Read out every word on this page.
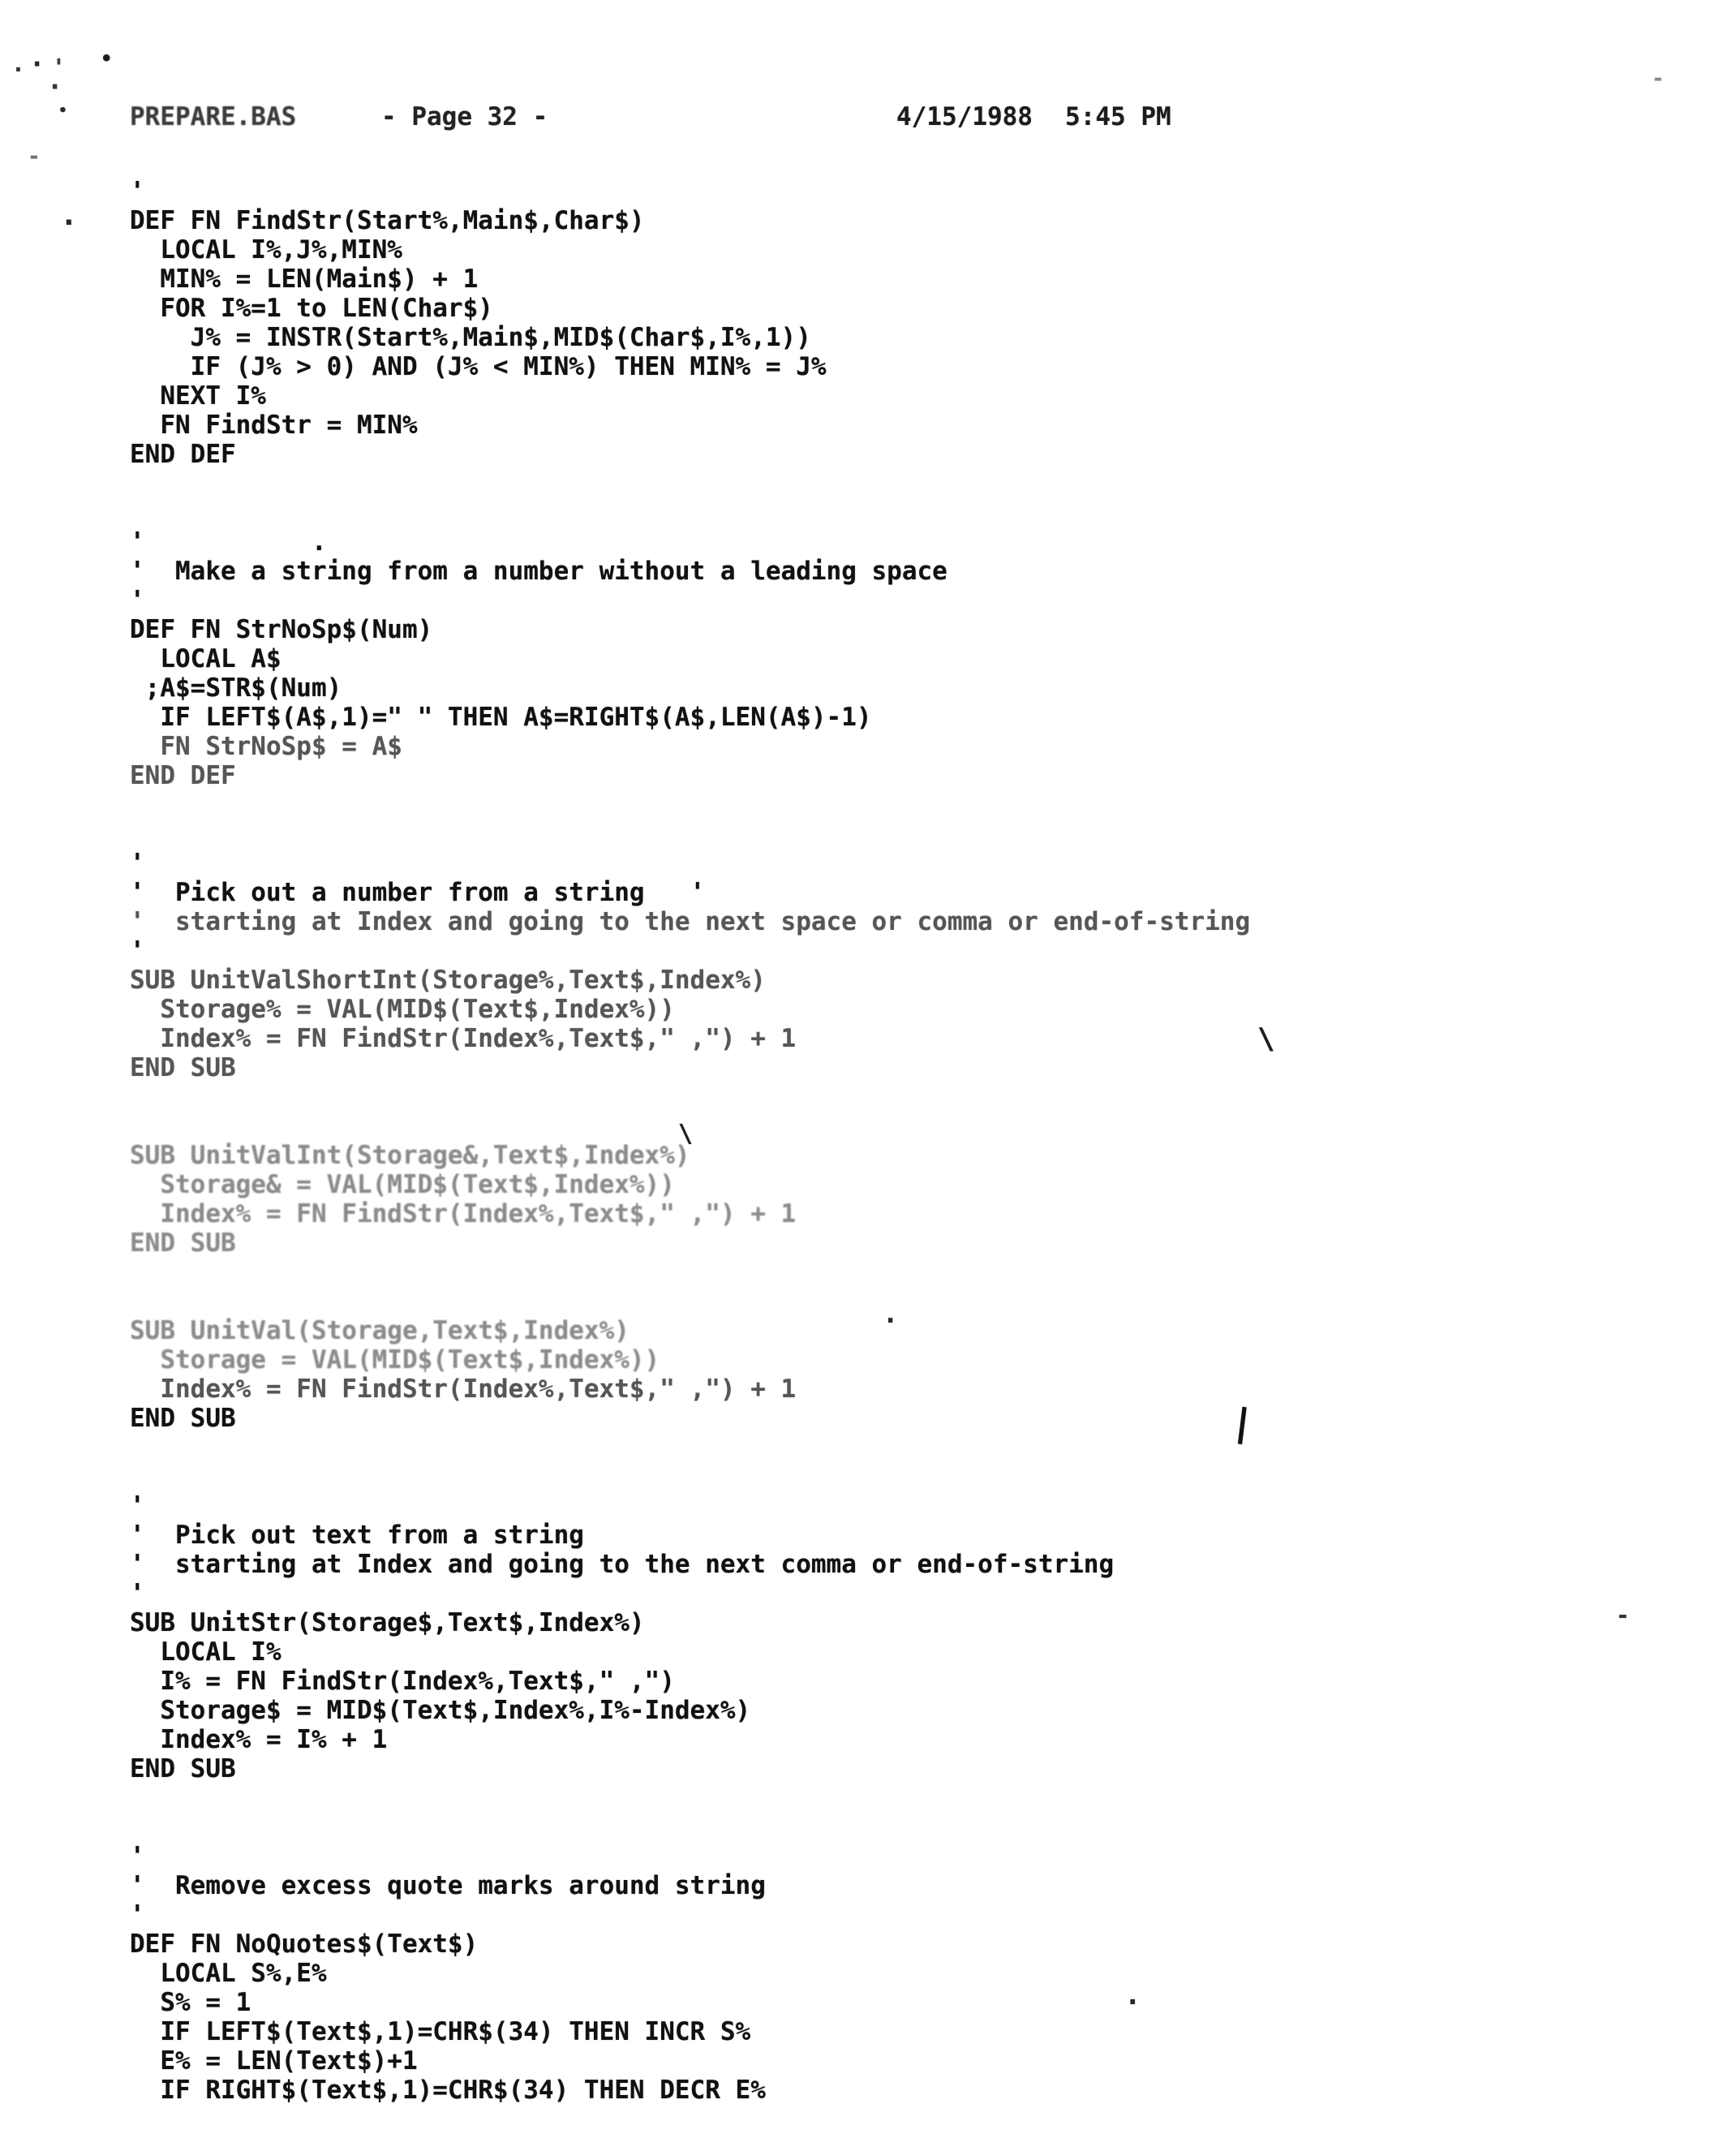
PREPARE.BAS

	- Page 32 -

	4/15/1988

5:45 PM

'
DEF FN FindStr(Start%,Main$,Char$)
LOCAL I%,J%,MIN%
MIN% = LEN(Main$) + 1
FOR I%=1 to LEN(Char$)
J% = INSTR(Start%,Main$,MID$(Char$,I%,1))
IF (J% > 0) AND (J% < MIN%) THEN MIN% = J%
NEXT I%
FN FindStr = MIN%
END DEF

'           .
'  Make a string from a number without a leading space
'
DEF FN StrNoSp$(Num)
LOCAL A$
;A$=STR$(Num)
IF LEFT$(A$,1)=" " THEN A$=RIGHT$(A$,LEN(A$)-1)
FN StrNoSp$ = A$
END DEF

'
'  Pick out a number from a string   '
'  starting at Index and going to the next space or comma or end-of-string
'
SUB UnitValShortInt(Storage%,Text$,Index%)
Storage% = VAL(MID$(Text$,Index%))
Index% = FN FindStr(Index%,Text$," ,") + 1
END SUB

SUB UnitValInt(Storage&,Text$,Index%)
Storage& = VAL(MID$(Text$,Index%))
Index% = FN FindStr(Index%,Text$," ,") + 1
END SUB

SUB UnitVal(Storage,Text$,Index%)
Storage = VAL(MID$(Text$,Index%))
Index% = FN FindStr(Index%,Text$," ,") + 1
END SUB

'
'  Pick out text from a string
'  starting at Index and going to the next comma or end-of-string
'
SUB UnitStr(Storage$,Text$,Index%)
LOCAL I%
I% = FN FindStr(Index%,Text$," ,")
Storage$ = MID$(Text$,Index%,I%-Index%)
Index% = I% + 1
END SUB

'
'  Remove excess quote marks around string
'
DEF FN NoQuotes$(Text$)
LOCAL S%,E%
S% = 1
IF LEFT$(Text$,1)=CHR$(34) THEN INCR S%
E% = LEN(Text$)+1
IF RIGHT$(Text$,1)=CHR$(34) THEN DECR E%
. · ' •
·
•
-
·
-
\
\
.
|
-
·
